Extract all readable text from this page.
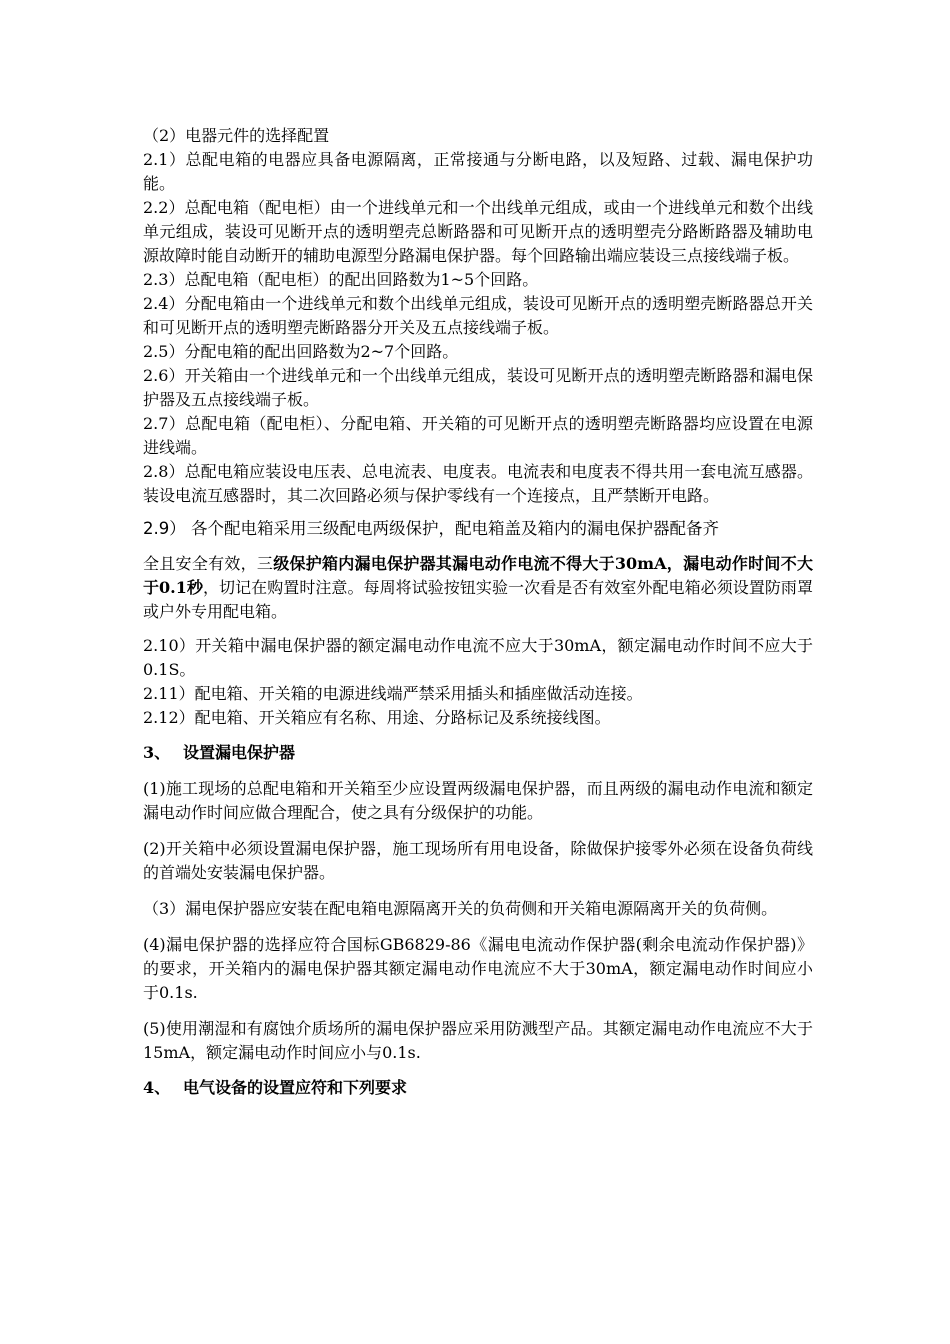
（2）电器元件的选择配置

2.1）总配电箱的电器应具备电源隔离，正常接通与分断电路，以及短路、过载、漏电保护功能。

2.2）总配电箱（配电柜）由一个进线单元和一个出线单元组成，或由一个进线单元和数个出线单元组成，装设可见断开点的透明塑壳总断路器和可见断开点的透明塑壳分路断路器及辅助电源故障时能自动断开的辅助电源型分路漏电保护器。每个回路输出端应装设三点接线端子板。

2.3）总配电箱（配电柜）的配出回路数为1~5个回路。

2.4）分配电箱由一个进线单元和数个出线单元组成，装设可见断开点的透明塑壳断路器总开关和可见断开点的透明塑壳断路器分开关及五点接线端子板。

2.5）分配电箱的配出回路数为2~7个回路。

2.6）开关箱由一个进线单元和一个出线单元组成，装设可见断开点的透明塑壳断路器和漏电保护器及五点接线端子板。

2.7）总配电箱（配电柜）、分配电箱、开关箱的可见断开点的透明塑壳断路器均应设置在电源进线端。

2.8）总配电箱应装设电压表、总电流表、电度表。电流表和电度表不得共用一套电流互感器。装设电流互感器时，其二次回路必须与保护零线有一个连接点，且严禁断开电路。

2.9） 各个配电箱采用三级配电两级保护，配电箱盖及箱内的漏电保护器配备齐

全且安全有效，三级保护箱内漏电保护器其漏电动作电流不得大于30mA，漏电动作时间不大于0.1秒，切记在购置时注意。每周将试验按钮实验一次看是否有效室外配电箱必须设置防雨罩或户外专用配电箱。

2.10）开关箱中漏电保护器的额定漏电动作电流不应大于30mA，额定漏电动作时间不应大于0.1S。

2.11）配电箱、开关箱的电源进线端严禁采用插头和插座做活动连接。

2.12）配电箱、开关箱应有名称、用途、分路标记及系统接线图。

3、 设置漏电保护器

(1)施工现场的总配电箱和开关箱至少应设置两级漏电保护器，而且两级的漏电动作电流和额定漏电动作时间应做合理配合，使之具有分级保护的功能。

(2)开关箱中必须设置漏电保护器，施工现场所有用电设备，除做保护接零外必须在设备负荷线的首端处安装漏电保护器。

（3）漏电保护器应安装在配电箱电源隔离开关的负荷侧和开关箱电源隔离开关的负荷侧。

(4)漏电保护器的选择应符合国标GB6829-86《漏电电流动作保护器(剩余电流动作保护器)》的要求，开关箱内的漏电保护器其额定漏电动作电流应不大于30mA，额定漏电动作时间应小于0.1s.

(5)使用潮湿和有腐蚀介质场所的漏电保护器应采用防溅型产品。其额定漏电动作电流应不大于15mA，额定漏电动作时间应小与0.1s.

4、 电气设备的设置应符和下列要求
